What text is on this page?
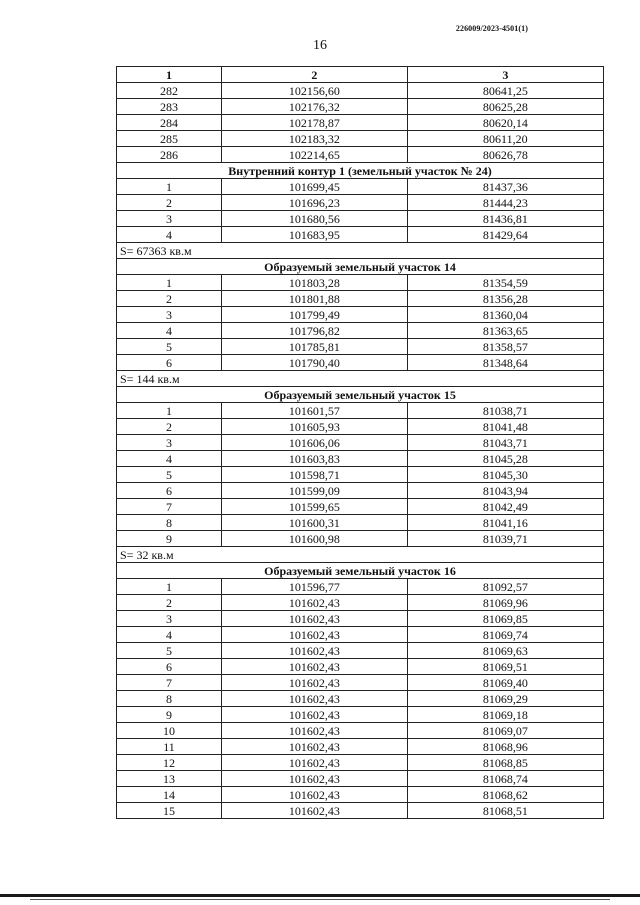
226009/2023-4501(1)
16
1	2	3
282	102156,60	80641,25
283	102176,32	80625,28
284	102178,87	80620,14
285	102183,32	80611,20
286	102214,65	80626,78
Внутренний контур 1 (земельный участок № 24)		
1	101699,45	81437,36
2	101696,23	81444,23
3	101680,56	81436,81
4	101683,95	81429,64
S= 67363 кв.м		
Образуемый земельный участок 14		
1	101803,28	81354,59
2	101801,88	81356,28
3	101799,49	81360,04
4	101796,82	81363,65
5	101785,81	81358,57
6	101790,40	81348,64
S= 144 кв.м		
Образуемый земельный участок 15		
1	101601,57	81038,71
2	101605,93	81041,48
3	101606,06	81043,71
4	101603,83	81045,28
5	101598,71	81045,30
6	101599,09	81043,94
7	101599,65	81042,49
8	101600,31	81041,16
9	101600,98	81039,71
S= 32 кв.м		
Образуемый земельный участок 16		
1	101596,77	81092,57
2	101602,43	81069,96
3	101602,43	81069,85
4	101602,43	81069,74
5	101602,43	81069,63
6	101602,43	81069,51
7	101602,43	81069,40
8	101602,43	81069,29
9	101602,43	81069,18
10	101602,43	81069,07
11	101602,43	81068,96
12	101602,43	81068,85
13	101602,43	81068,74
14	101602,43	81068,62
15	101602,43	81068,51
